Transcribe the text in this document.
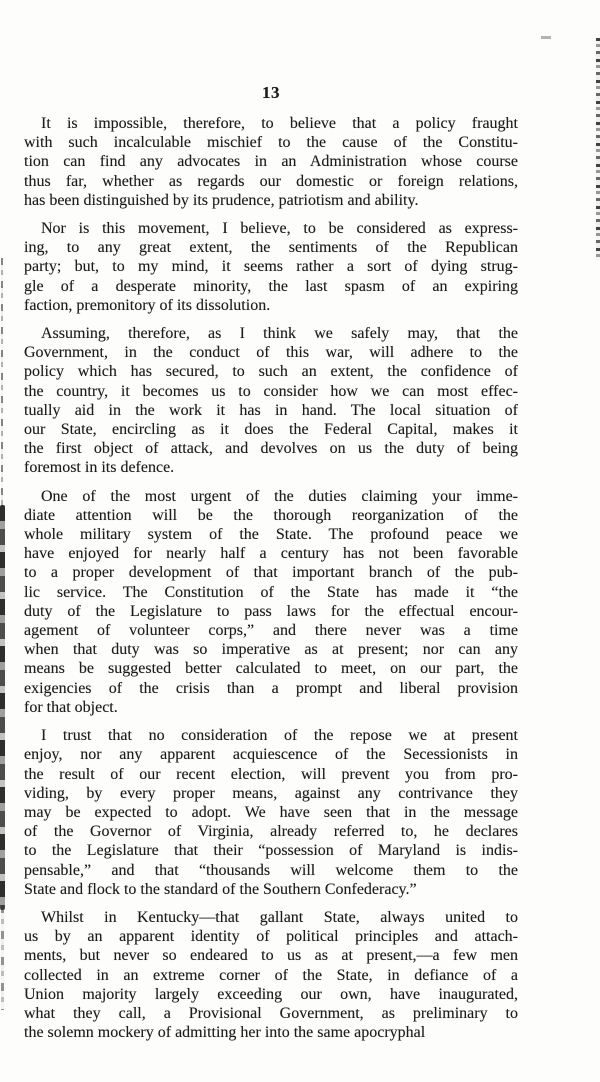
13
It is impossible, therefore, to believe that a policy fraught
with such incalculable mischief to the cause of the Constitu-
tion can find any advocates in an Administration whose course
thus far, whether as regards our domestic or foreign relations,
has been distinguished by its prudence, patriotism and ability.
Nor is this movement, I believe, to be considered as express-
ing, to any great extent, the sentiments of the Republican
party; but, to my mind, it seems rather a sort of dying strug-
gle of a desperate minority, the last spasm of an expiring
faction, premonitory of its dissolution.
Assuming, therefore, as I think we safely may, that the
Government, in the conduct of this war, will adhere to the
policy which has secured, to such an extent, the confidence of
the country, it becomes us to consider how we can most effec-
tually aid in the work it has in hand. The local situation of
our State, encircling as it does the Federal Capital, makes it
the first object of attack, and devolves on us the duty of being
foremost in its defence.
One of the most urgent of the duties claiming your imme-
diate attention will be the thorough reorganization of the
whole military system of the State. The profound peace we
have enjoyed for nearly half a century has not been favorable
to a proper development of that important branch of the pub-
lic service. The Constitution of the State has made it “the
duty of the Legislature to pass laws for the effectual encour-
agement of volunteer corps,” and there never was a time
when that duty was so imperative as at present; nor can any
means be suggested better calculated to meet, on our part, the
exigencies of the crisis than a prompt and liberal provision
for that object.
I trust that no consideration of the repose we at present
enjoy, nor any apparent acquiescence of the Secessionists in
the result of our recent election, will prevent you from pro-
viding, by every proper means, against any contrivance they
may be expected to adopt. We have seen that in the message
of the Governor of Virginia, already referred to, he declares
to the Legislature that their “possession of Maryland is indis-
pensable,” and that “thousands will welcome them to the
State and flock to the standard of the Southern Confederacy.”
Whilst in Kentucky—that gallant State, always united to
us by an apparent identity of political principles and attach-
ments, but never so endeared to us as at present,—a few men
collected in an extreme corner of the State, in defiance of a
Union majority largely exceeding our own, have inaugurated,
what they call, a Provisional Government, as preliminary to
the solemn mockery of admitting her into the same apocryphal
